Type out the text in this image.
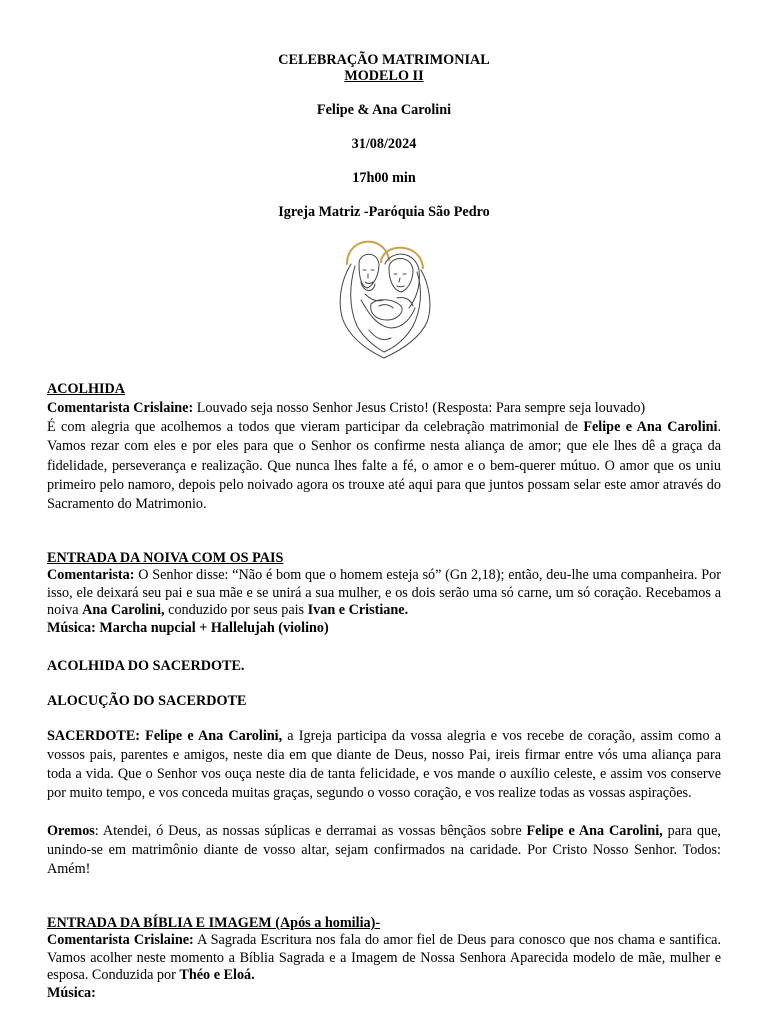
CELEBRAÇÃO MATRIMONIAL
MODELO II
Felipe & Ana Carolini
31/08/2024
17h00 min
Igreja Matriz -Paróquia São Pedro
ACOLHIDA

Comentarista Crislaine: Louvado seja nosso Senhor Jesus Cristo! (Resposta: Para sempre seja louvado)

É com alegria que acolhemos a todos que vieram participar da celebração matrimonial de Felipe e Ana Carolini. Vamos rezar com eles e por eles para que o Senhor os confirme nesta aliança de amor; que ele lhes dê a graça da fidelidade, perseverança e realização. Que nunca lhes falte a fé, o amor e o bem-querer mútuo. O amor que os uniu primeiro pelo namoro, depois pelo noivado agora os trouxe até aqui para que juntos possam selar este amor através do Sacramento do Matrimonio.

ENTRADA DA NOIVA COM OS PAIS

Comentarista: O Senhor disse: “Não é bom que o homem esteja só” (Gn 2,18); então, deu-lhe uma companheira. Por isso, ele deixará seu pai e sua mãe e se unirá a sua mulher, e os dois serão uma só carne, um só coração. Recebamos a noiva Ana Carolini, conduzido por seus pais Ivan e Cristiane.

Música: Marcha nupcial + Hallelujah (violino)
ACOLHIDA DO SACERDOTE.
ALOCUÇÃO DO SACERDOTE

SACERDOTE: Felipe e Ana Carolini, a Igreja participa da vossa alegria e vos recebe de coração, assim como a vossos pais, parentes e amigos, neste dia em que diante de Deus, nosso Pai, ireis firmar entre vós uma aliança para toda a vida. Que o Senhor vos ouça neste dia de tanta felicidade, e vos mande o auxílio celeste, e assim vos conserve por muito tempo, e vos conceda muitas graças, segundo o vosso coração, e vos realize todas as vossas aspirações.

Oremos: Atendei, ó Deus, as nossas súplicas e derramai as vossas bênçãos sobre Felipe e Ana Carolini, para que, unindo-se em matrimônio diante de vosso altar, sejam confirmados na caridade. Por Cristo Nosso Senhor. Todos: Amém!

ENTRADA DA BÍBLIA E IMAGEM (Após a homilia)-

Comentarista Crislaine: A Sagrada Escritura nos fala do amor fiel de Deus para conosco que nos chama e santifica. Vamos acolher neste momento a Bíblia Sagrada e a Imagem de Nossa Senhora Aparecida modelo de mãe, mulher e esposa. Conduzida por Théo e Eloá.

Música:
